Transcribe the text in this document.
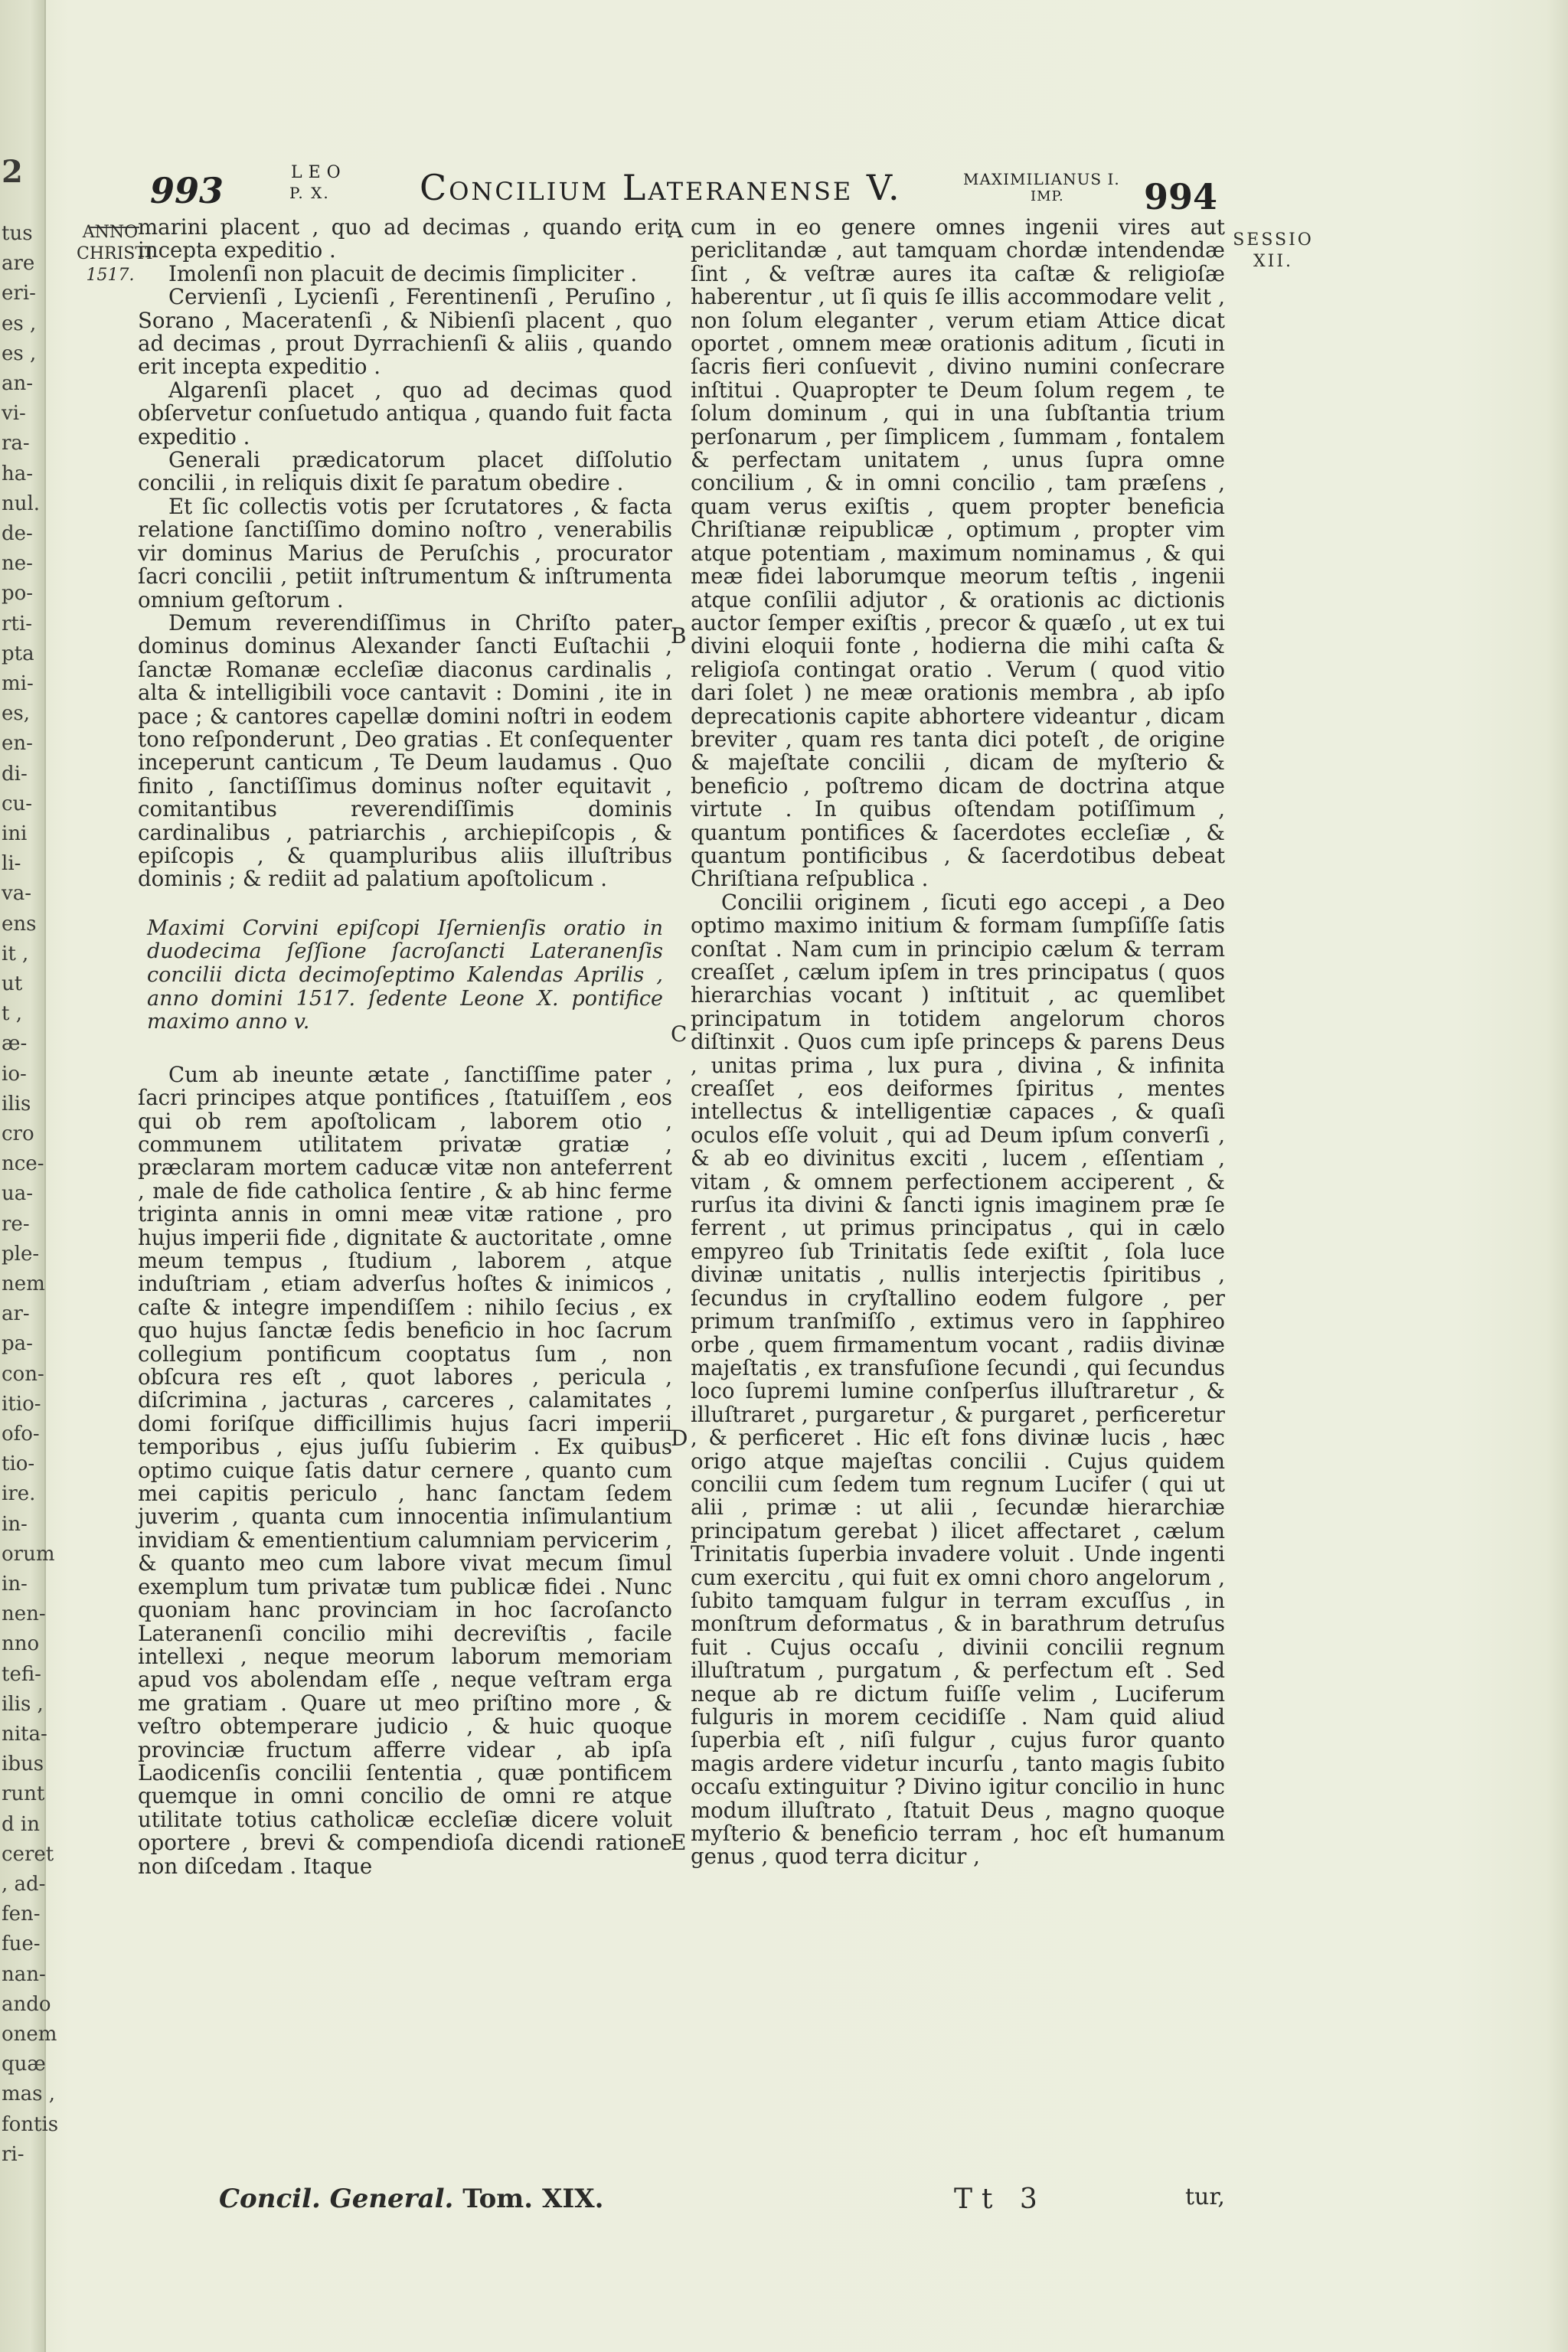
2
tus
are
eri-
es ,
es ,
an-
vi-
ra-
ha-
nul.
de-
ne-
po-
rti-
pta
mi-
es,
en-
di-
cu-
ini
li-
va-
ens
it ,
ut
t ,
æ-
io-
ilis
cro
nce-
ua-
re-
ple-
nem
ar-
pa-
con-
itio-
ofo-
tio-
ire.
in-
orum
in-
nen-
nno
tefi-
ilis ,
nita-
ibus
runt
d in
ceret
, ad-
fen-
fue-
nan-
ando
onem
quæ
mas ,
fontis
ri-
993	LEO
P. X.	Concilium Lateranense V.	MAXIMILIANUS I.
IMP. 994
ANNO
CHRISTI
1517.
SESSIO
XII.
A
B
C
D
E

marini placent , quo ad decimas , quando erit incepta expeditio .

Imolenſi non placuit de decimis ſimpliciter .

Cervienſi , Lycienſi , Ferentinenſi , Peruſino , Sorano , Maceratenſi , & Nibienſi placent , quo ad decimas , prout Dyrrachienſi & aliis , quando erit incepta expeditio .

Algarenſi placet , quo ad decimas quod obſervetur conſuetudo antiqua , quando fuit facta expeditio .

Generali prædicatorum placet diſſolutio concilii , in reliquis dixit ſe paratum obedire .

Et ſic collectis votis per ſcrutatores , & facta relatione ſanctiſſimo domino noſtro , venerabilis vir dominus Marius de Peruſchis , procurator ſacri concilii , petiit inſtrumentum & inſtrumenta omnium geſtorum .

Demum reverendiſſimus in Chriſto pater dominus dominus Alexander ſancti Euſtachii , ſanctæ Romanæ eccleſiæ diaconus cardinalis , alta & intelligibili voce cantavit : Domini , ite in pace ; & cantores capellæ domini noſtri in eodem tono reſponderunt , Deo gratias . Et conſequenter inceperunt canticum , Te Deum laudamus . Quo finito , ſanctiſſimus dominus noſter equitavit , comitantibus reverendiſſimis dominis cardinalibus , patriarchis , archiepiſcopis , & epiſcopis , & quampluribus aliis illuſtribus dominis ; & rediit ad palatium apoſtolicum .

Maximi Corvini epiſcopi Iſernienſis oratio in duodecima ſeſſione ſacroſancti Lateranenſis concilii dicta decimoſeptimo Kalendas Aprilis , anno domini 1517. ſedente Leone X. pontifice maximo anno v.

Cum ab ineunte ætate , ſanctiſſime pater , ſacri principes atque pontifices , ſtatuiſſem , eos qui ob rem apoſtolicam , laborem otio , communem utilitatem privatæ gratiæ , præclaram mortem caducæ vitæ non anteferrent , male de fide catholica ſentire , & ab hinc ferme triginta annis in omni meæ vitæ ratione , pro hujus imperii fide , dignitate & auctoritate , omne meum tempus , ſtudium , laborem , atque induſtriam , etiam adverſus hoſtes & inimicos , caſte & integre impendiſſem : nihilo ſecius , ex quo hujus ſanctæ ſedis beneficio in hoc ſacrum collegium pontificum cooptatus ſum , non obſcura res eſt , quot labores , pericula , diſcrimina , jacturas , carceres , calamitates , domi foriſque difficillimis hujus ſacri imperii temporibus , ejus juſſu ſubierim . Ex quibus optimo cuique ſatis datur cernere , quanto cum mei capitis periculo , hanc ſanctam ſedem juverim , quanta cum innocentia inſimulantium invidiam & ementientium calumniam pervicerim , & quanto meo cum labore vivat mecum ſimul exemplum tum privatæ tum publicæ fidei . Nunc quoniam hanc provinciam in hoc ſacroſancto Lateranenſi concilio mihi decreviſtis , facile intellexi , neque meorum laborum memoriam apud vos abolendam eſſe , neque veſtram erga me gratiam . Quare ut meo priſtino more , & veſtro obtemperare judicio , & huic quoque provinciæ fructum afferre videar , ab ipſa Laodicenſis concilii ſententia , quæ pontificem quemque in omni concilio de omni re atque utilitate totius catholicæ eccleſiæ dicere voluit oportere , brevi & compendioſa dicendi ratione non diſcedam . Itaque

cum in eo genere omnes ingenii vires aut periclitandæ , aut tamquam chordæ intendendæ ſint , & veſtræ aures ita caſtæ & religioſæ haberentur , ut ſi quis ſe illis accommodare velit , non ſolum eleganter , verum etiam Attice dicat oportet , omnem meæ orationis aditum , ſicuti in ſacris fieri conſuevit , divino numini conſecrare inſtitui . Quapropter te Deum ſolum regem , te ſolum dominum , qui in una ſubſtantia trium perſonarum , per ſimplicem , ſummam , fontalem & perfectam unitatem , unus ſupra omne concilium , & in omni concilio , tam præſens , quam verus exiſtis , quem propter beneficia Chriſtianæ reipublicæ , optimum , propter vim atque potentiam , maximum nominamus , & qui meæ fidei laborumque meorum teſtis , ingenii atque conſilii adjutor , & orationis ac dictionis auctor ſemper exiſtis , precor & quæſo , ut ex tui divini eloquii fonte , hodierna die mihi caſta & religioſa contingat oratio . Verum ( quod vitio dari ſolet ) ne meæ orationis membra , ab ipſo deprecationis capite abhortere videantur , dicam breviter , quam res tanta dici poteſt , de origine & majeſtate concilii , dicam de myſterio & beneficio , poſtremo dicam de doctrina atque virtute . In quibus oſtendam potiſſimum , quantum pontifices & ſacerdotes eccleſiæ , & quantum pontificibus , & ſacerdotibus debeat Chriſtiana reſpublica .

Concilii originem , ſicuti ego accepi , a Deo optimo maximo initium & formam ſumpſiſſe ſatis conſtat . Nam cum in principio cælum & terram creaſſet , cælum ipſem in tres principatus ( quos hierarchias vocant ) inſtituit , ac quemlibet principatum in totidem angelorum choros diſtinxit . Quos cum ipſe princeps & parens Deus , unitas prima , lux pura , divina , & infinita creaſſet , eos deiformes ſpiritus , mentes intellectus & intelligentiæ capaces , & quaſi oculos eſſe voluit , qui ad Deum ipſum converſi , & ab eo divinitus exciti , lucem , eſſentiam , vitam , & omnem perfectionem acciperent , & rurſus ita divini & ſancti ignis imaginem præ ſe ferrent , ut primus principatus , qui in cælo empyreo ſub Trinitatis ſede exiſtit , ſola luce divinæ unitatis , nullis interjectis ſpiritibus , ſecundus in cryſtallino eodem fulgore , per primum tranſmiſſo , extimus vero in ſapphireo orbe , quem firmamentum vocant , radiis divinæ majeſtatis , ex transfuſione ſecundi , qui ſecundus loco ſupremi lumine conſperſus illuſtraretur , & illuſtraret , purgaretur , & purgaret , perficeretur , & perficeret . Hic eſt fons divinæ lucis , hæc origo atque majeſtas concilii . Cujus quidem concilii cum ſedem tum regnum Lucifer ( qui ut alii , primæ : ut alii , ſecundæ hierarchiæ principatum gerebat ) ilicet affectaret , cælum Trinitatis ſuperbia invadere voluit . Unde ingenti cum exercitu , qui fuit ex omni choro angelorum , ſubito tamquam fulgur in terram excuſſus , in monſtrum deformatus , & in barathrum detruſus fuit . Cujus occaſu , divinii concilii regnum illuſtratum , purgatum , & perfectum eſt . Sed neque ab re dictum fuiſſe velim , Luciferum fulguris in morem cecidiſſe . Nam quid aliud ſuperbia eſt , niſi fulgur , cujus furor quanto magis ardere videtur incurſu , tanto magis ſubito occaſu extinguitur ? Divino igitur concilio in hunc modum illuſtrato , ſtatuit Deus , magno quoque myſterio & beneficio terram , hoc eſt humanum genus , quod terra dicitur ,

Concil. General. Tom. XIX.	Tt 3	tur,
